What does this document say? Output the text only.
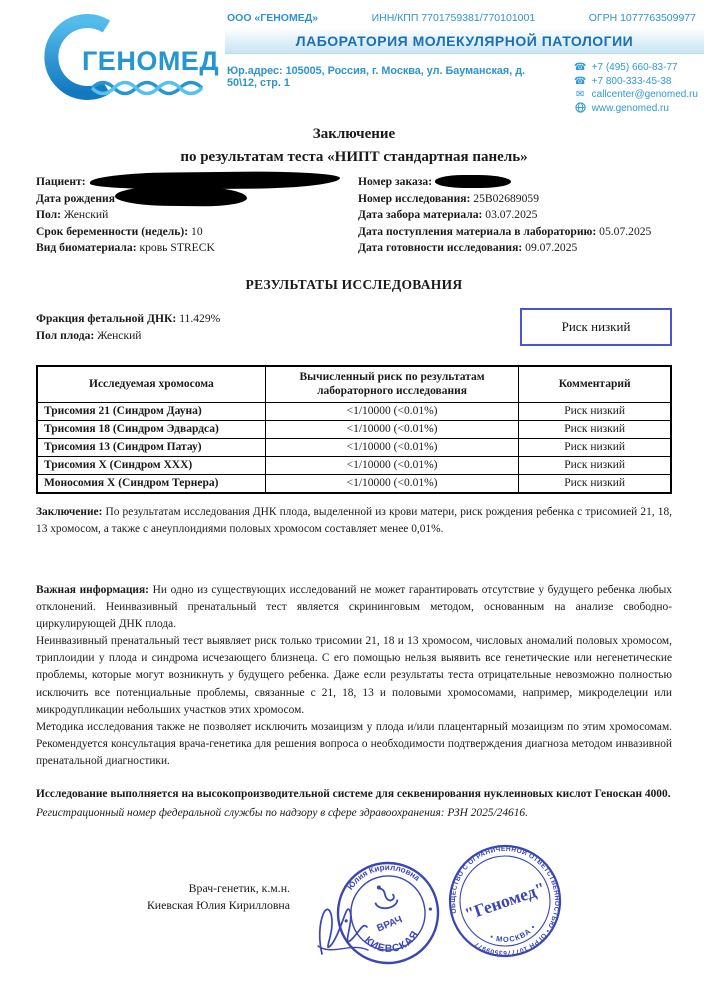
ГЕНОМЕД
ООО «ГЕНОМЕД»	ИНН/КПП 7701759381/770101001	ОГРН 1077763509977
ЛАБОРАТОРИЯ МОЛЕКУЛЯРНОЙ ПАТОЛОГИИ
Юр.адрес: 105005, Россия, г. Москва, ул. Бауманская, д. 50\12, стр. 1
☎ +7 (495) 660-83-77
☎ +7 800-333-45-38
✉ callcenter@genomed.ru
www.genomed.ru
Заключение
по результатам теста «НИПТ стандартная панель»
Пациент:
Дата рождения
Пол: Женский
Срок беременности (недель): 10
Вид биоматериала: кровь STRECK
Номер заказа:
Номер исследования: 25B02689059
Дата забора материала: 03.07.2025
Дата поступления материала в лабораторию: 05.07.2025
Дата готовности исследования: 09.07.2025
РЕЗУЛЬТАТЫ ИССЛЕДОВАНИЯ
Фракция фетальной ДНК: 11.429%
Пол плода: Женский
Риск низкий
Исследуемая хромосома	Вычисленный риск по результатам лабораторного исследования	Комментарий
Трисомия 21 (Синдром Дауна)	<1/10000 (<0.01%)	Риск низкий
Трисомия 18 (Синдром Эдвардса)	<1/10000 (<0.01%)	Риск низкий
Трисомия 13 (Синдром Патау)	<1/10000 (<0.01%)	Риск низкий
Трисомия X (Синдром XXX)	<1/10000 (<0.01%)	Риск низкий
Моносомия X (Синдром Тернера)	<1/10000 (<0.01%)	Риск низкий
Заключение: По результатам исследования ДНК плода, выделенной из крови матери, риск рождения ребенка с трисомией 21, 18, 13 хромосом, а также с анеуплоидиями половых хромосом составляет менее 0,01%.
Важная информация: Ни одно из существующих исследований не может гарантировать отсутствие у будущего ребенка любых отклонений. Неинвазивный пренатальный тест является скрининговым методом, основанным на анализе свободно-циркулирующей ДНК плода.
Неинвазивный пренатальный тест выявляет риск только трисомии 21, 18 и 13 хромосом, числовых аномалий половых хромосом, триплоидии у плода и синдрома исчезающего близнеца. С его помощью нельзя выявить все генетические или негенетические проблемы, которые могут возникнуть у будущего ребенка. Даже если результаты теста отрицательные невозможно полностью исключить все потенциальные проблемы, связанные с 21, 18, 13 и половыми хромосомами, например, микроделеции или микродупликации небольших участков этих хромосом.
Методика исследования также не позволяет исключить мозаицизм у плода и/или плацентарный мозаицизм по этим хромосомам. Рекомендуется консультация врача-генетика для решения вопроса о необходимости подтверждения диагноза методом инвазивной пренатальной диагностики.
Исследование выполняется на высокопроизводительной системе для секвенирования нуклеиновых кислот Геноскан 4000.
Регистрационный номер федеральной службы по надзору в сфере здравоохранения: РЗН 2025/24616.
Врач-генетик, к.м.н.
Киевская Юлия Кирилловна
Юлия Кирилловна
ВРАЧ
КИЕВСКАЯ
ОБЩЕСТВО С ОГРАНИЧЕННОЙ ОТВЕТСТВЕННОСТЬЮ • ОГРН 1077763509977
• МОСКВА •
"Геномед"
